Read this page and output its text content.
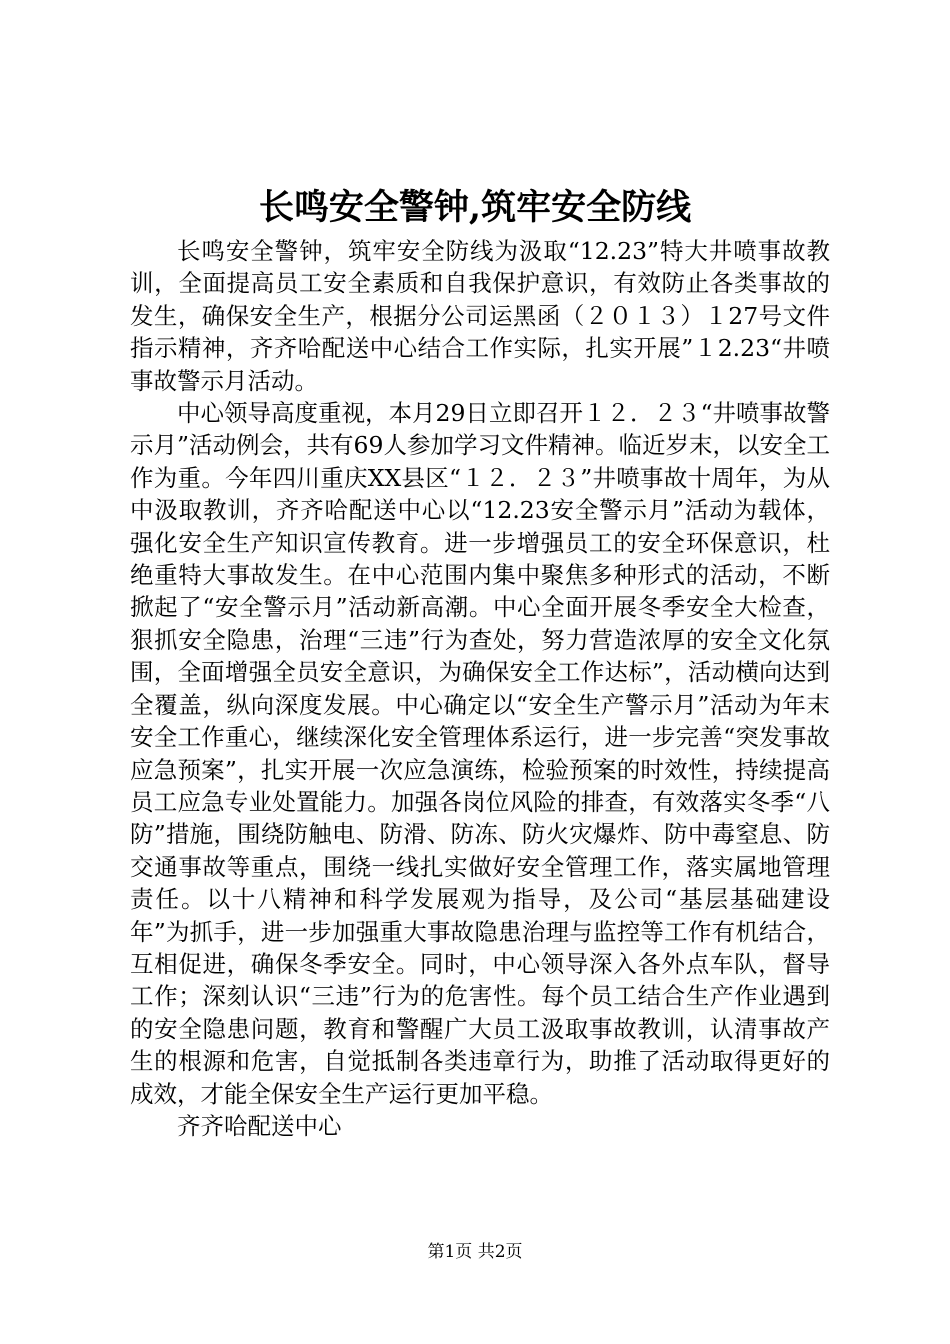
长鸣安全警钟,筑牢安全防线

长鸣安全警钟，筑牢安全防线为汲取“12.23”特大井喷事故教训，全面提高员工安全素质和自我保护意识，有效防止各类事故的发生，确保安全生产，根据分公司运黑函（２０１３）１27号文件指示精神，齐齐哈配送中心结合工作实际，扎实开展”１2.23“井喷事故警示月活动。

中心领导高度重视，本月29日立即召开１２．２３“井喷事故警示月”活动例会，共有69人参加学习文件精神。临近岁末，以安全工作为重。今年四川重庆XX县区“１２．２３”井喷事故十周年，为从中汲取教训，齐齐哈配送中心以“12.23安全警示月”活动为载体，强化安全生产知识宣传教育。进一步增强员工的安全环保意识，杜绝重特大事故发生。在中心范围内集中聚焦多种形式的活动，不断掀起了“安全警示月”活动新高潮。中心全面开展冬季安全大检查，狠抓安全隐患，治理“三违”行为查处，努力营造浓厚的安全文化氛围，全面增强全员安全意识，为确保安全工作达标”，活动横向达到全覆盖，纵向深度发展。中心确定以“安全生产警示月”活动为年末安全工作重心，继续深化安全管理体系运行，进一步完善“突发事故应急预案”，扎实开展一次应急演练，检验预案的时效性，持续提高员工应急专业处置能力。加强各岗位风险的排查，有效落实冬季“八防”措施，围绕防触电、防滑、防冻、防火灾爆炸、防中毒窒息、防交通事故等重点，围绕一线扎实做好安全管理工作，落实属地管理责任。以十八精神和科学发展观为指导，及公司“基层基础建设年”为抓手，进一步加强重大事故隐患治理与监控等工作有机结合，互相促进，确保冬季安全。同时，中心领导深入各外点车队，督导工作；深刻认识“三违”行为的危害性。每个员工结合生产作业遇到的安全隐患问题，教育和警醒广大员工汲取事故教训，认清事故产生的根源和危害，自觉抵制各类违章行为，助推了活动取得更好的成效，才能全保安全生产运行更加平稳。

齐齐哈配送中心

第1页 共2页
